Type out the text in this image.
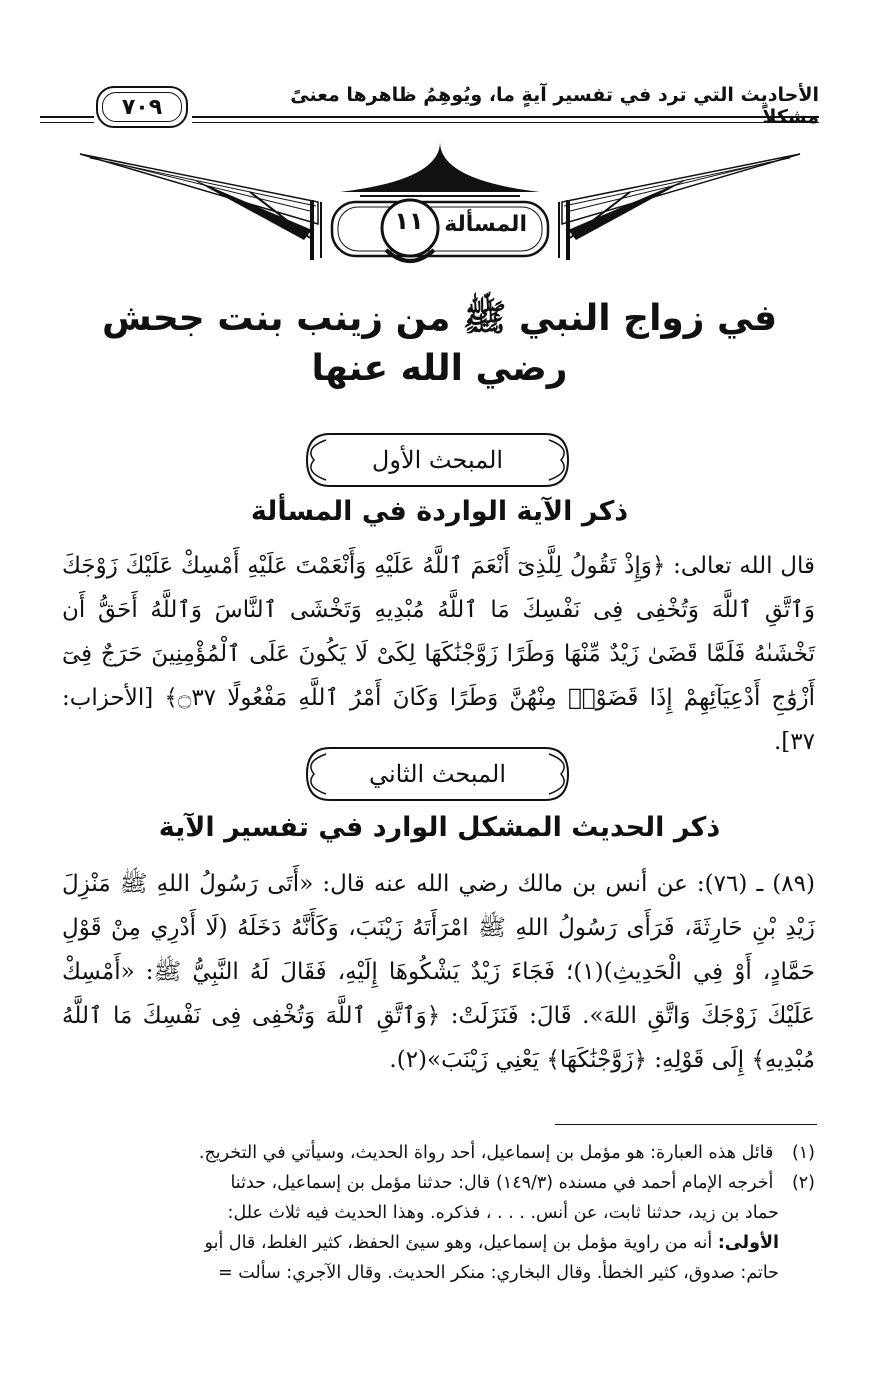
الأحاديث التي ترد في تفسير آيةٍ ما، ويُوهِمُ ظاهرها معنىً مشكلاً
٧٠٩
المسألة
١١
في زواج النبي ﷺ من زينب بنت جحش رضي الله عنها
المبحث الأول
ذكر الآية الواردة في المسألة
قال الله تعالى: ﴿وَإِذْ تَقُولُ لِلَّذِىٓ أَنْعَمَ ٱللَّهُ عَلَيْهِ وَأَنْعَمْتَ عَلَيْهِ أَمْسِكْ عَلَيْكَ زَوْجَكَ وَٱتَّقِ ٱللَّهَ وَتُخْفِى فِى نَفْسِكَ مَا ٱللَّهُ مُبْدِيهِ وَتَخْشَى ٱلنَّاسَ وَٱللَّهُ أَحَقُّ أَن تَخْشَىٰهُ فَلَمَّا قَضَىٰ زَيْدٌ مِّنْهَا وَطَرًا زَوَّجْنَٰكَهَا لِكَىْ لَا يَكُونَ عَلَى ٱلْمُؤْمِنِينَ حَرَجٌ فِىٓ أَزْوَٰجِ أَدْعِيَآئِهِمْ إِذَا قَضَوْا۟ مِنْهُنَّ وَطَرًا وَكَانَ أَمْرُ ٱللَّهِ مَفْعُولًا ۝٣٧﴾ [الأحزاب: ٣٧].
المبحث الثاني
ذكر الحديث المشكل الوارد في تفسير الآية
(٨٩) ـ (٧٦): عن أنس بن مالك رضي الله عنه قال: «أَتَى رَسُولُ اللهِ ﷺ مَنْزِلَ زَيْدِ بْنِ حَارِثَةَ، فَرَأَى رَسُولُ اللهِ ﷺ امْرَأَتَهُ زَيْنَبَ، وَكَأَنَّهُ دَخَلَهُ (لَا أَدْرِي مِنْ قَوْلِ حَمَّادٍ، أَوْ فِي الْحَدِيثِ)(١)؛ فَجَاءَ زَيْدٌ يَشْكُوهَا إِلَيْهِ، فَقَالَ لَهُ النَّبِيُّ ﷺ: «أَمْسِكْ عَلَيْكَ زَوْجَكَ وَاتَّقِ اللهَ». قَالَ: فَنَزَلَتْ: ﴿وَٱتَّقِ ٱللَّهَ وَتُخْفِى فِى نَفْسِكَ مَا ٱللَّهُ مُبْدِيهِ﴾ إِلَى قَوْلِهِ: ﴿زَوَّجْنَٰكَهَا﴾ يَعْنِي زَيْنَبَ»(٢).
(١) قائل هذه العبارة: هو مؤمل بن إسماعيل، أحد رواة الحديث، وسيأتي في التخريج.
(٢) أخرجه الإمام أحمد في مسنده (١٤٩/٣) قال: حدثنا مؤمل بن إسماعيل، حدثنا
حماد بن زيد، حدثنا ثابت، عن أنس. . . . ، فذكره. وهذا الحديث فيه ثلاث علل:
الأولى: أنه من راوية مؤمل بن إسماعيل، وهو سيئ الحفظ، كثير الغلط، قال أبو
حاتم: صدوق، كثير الخطأ. وقال البخاري: منكر الحديث. وقال الآجري: سألت =
